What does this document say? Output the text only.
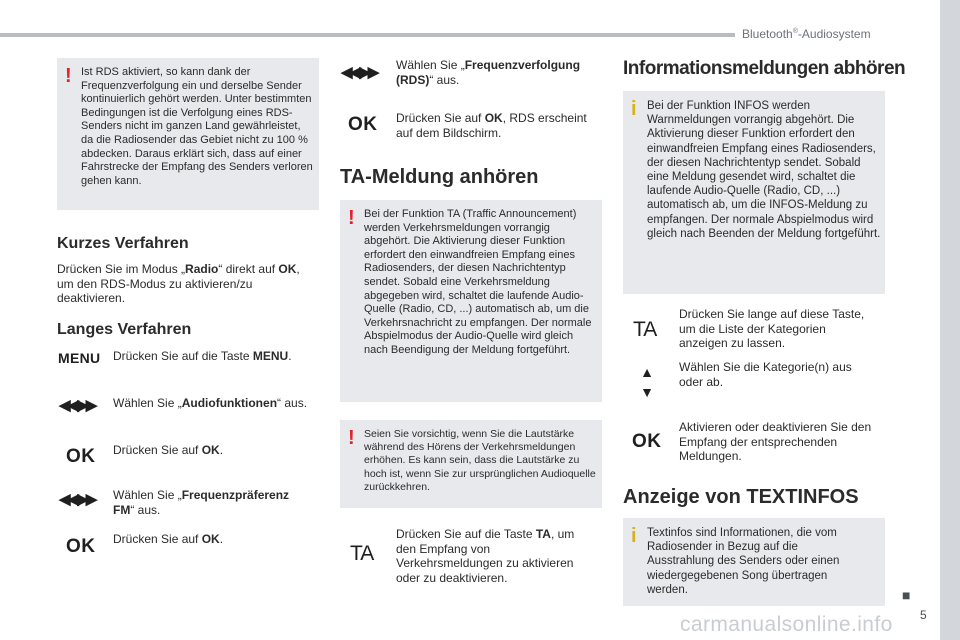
Bluetooth®-Audiosystem
■
5
carmanualsonline.info
! Ist RDS aktiviert, so kann dank der Frequenzverfolgung ein und derselbe Sender kontinuierlich gehört werden. Unter bestimmten Bedingungen ist die Verfolgung eines RDS-Senders nicht im ganzen Land gewährleistet, da die Radiosender das Gebiet nicht zu 100 % abdecken. Daraus erklärt sich, dass auf einer Fahrstrecke der Empfang des Senders verloren gehen kann.

Kurzes Verfahren
Drücken Sie im Modus „Radio“ direkt auf OK, um den RDS-Modus zu aktivieren/zu deaktivieren.
Langes Verfahren
MENU Drücken Sie auf die Taste MENU.
◀◀ ▶▶ Wählen Sie „Audiofunktionen“ aus.
OK Drücken Sie auf OK.
◀◀ ▶▶ Wählen Sie „Frequenzpräferenz FM“ aus.
OK Drücken Sie auf OK.
◀◀ ▶▶ Wählen Sie „Frequenzverfolgung (RDS)“ aus.
OK Drücken Sie auf OK, RDS erscheint auf dem Bildschirm.
TA-Meldung anhören
! Bei der Funktion TA (Traffic Announcement) werden Verkehrsmeldungen vorrangig abgehört. Die Aktivierung dieser Funktion erfordert den einwandfreien Empfang eines Radiosenders, der diesen Nachrichtentyp sendet. Sobald eine Verkehrsmeldung abgegeben wird, schaltet die laufende Audio-Quelle (Radio, CD, ...) automatisch ab, um die Verkehrsnachricht zu empfangen. Der normale Abspielmodus der Audio-Quelle wird gleich nach Beendigung der Meldung fortgeführt.

! Seien Sie vorsichtig, wenn Sie die Lautstärke während des Hörens der Verkehrsmeldungen erhöhen. Es kann sein, dass die Lautstärke zu hoch ist, wenn Sie zur ursprünglichen Audioquelle zurückkehren.

TA
Drücken Sie auf die Taste TA, um den Empfang von Verkehrsmeldungen zu aktivieren oder zu deaktivieren.
Informationsmeldungen abhören
i Bei der Funktion INFOS werden Warnmeldungen vorrangig abgehört. Die Aktivierung dieser Funktion erfordert den einwandfreien Empfang eines Radiosenders, der diesen Nachrichtentyp sendet. Sobald eine Meldung gesendet wird, schaltet die laufende Audio-Quelle (Radio, CD, ...) automatisch ab, um die INFOS-Meldung zu empfangen. Der normale Abspielmodus wird gleich nach Beenden der Meldung fortgeführt.

TA
Drücken Sie lange auf diese Taste, um die Liste der Kategorien anzeigen zu lassen.
▲
▼
Wählen Sie die Kategorie(n) aus oder ab.
OK
Aktivieren oder deaktivieren Sie den Empfang der entsprechenden Meldungen.
Anzeige von TEXTINFOS
i Textinfos sind Informationen, die vom Radiosender in Bezug auf die Ausstrahlung des Senders oder einen wiedergegebenen Song übertragen werden.
